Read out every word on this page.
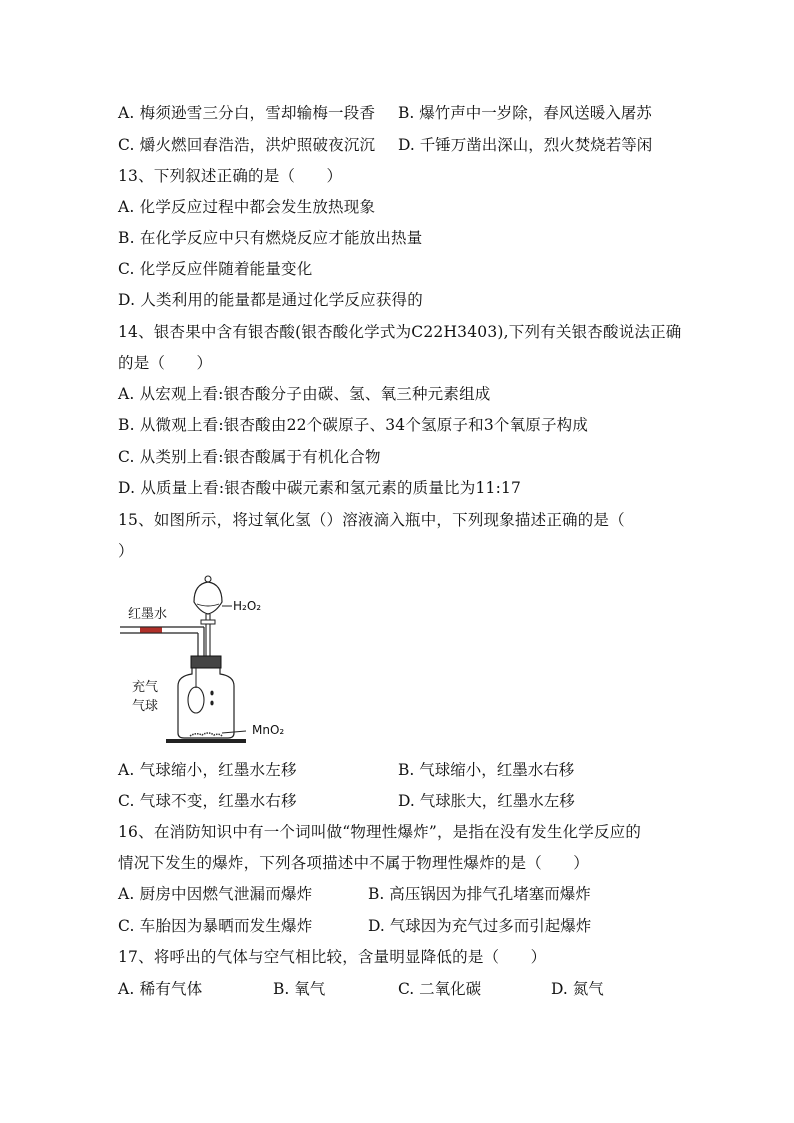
A. 梅须逊雪三分白，雪却输梅一段香 B. 爆竹声中一岁除，春风送暖入屠苏
C. 爝火燃回春浩浩，洪炉照破夜沉沉 D. 千锤万凿出深山，烈火焚烧若等闲
13、下列叙述正确的是（　　）
A. 化学反应过程中都会发生放热现象
B. 在化学反应中只有燃烧反应才能放出热量
C. 化学反应伴随着能量变化
D. 人类利用的能量都是通过化学反应获得的
14、银杏果中含有银杏酸(银杏酸化学式为C22H3403),下列有关银杏酸说法正确
的是（　　）
A. 从宏观上看:银杏酸分子由碳、氢、氧三种元素组成
B. 从微观上看:银杏酸由22个碳原子、34个氢原子和3个氧原子构成
C. 从类别上看:银杏酸属于有机化合物
D. 从质量上看:银杏酸中碳元素和氢元素的质量比为11:17
15、如图所示，将过氧化氢（）溶液滴入瓶中，下列现象描述正确的是（
）
红墨水
H₂O₂
充气
气球
MnO₂
A. 气球缩小，红墨水左移	B. 气球缩小，红墨水右移
C. 气球不变，红墨水右移	D. 气球胀大，红墨水左移
16、在消防知识中有一个词叫做“物理性爆炸”，是指在没有发生化学反应的
情况下发生的爆炸，下列各项描述中不属于物理性爆炸的是（　　）
A. 厨房中因燃气泄漏而爆炸	B. 高压锅因为排气孔堵塞而爆炸
C. 车胎因为暴晒而发生爆炸	D. 气球因为充气过多而引起爆炸
17、将呼出的气体与空气相比较，含量明显降低的是（　　）
A. 稀有气体	B. 氧气	C. 二氧化碳	D. 氮气
